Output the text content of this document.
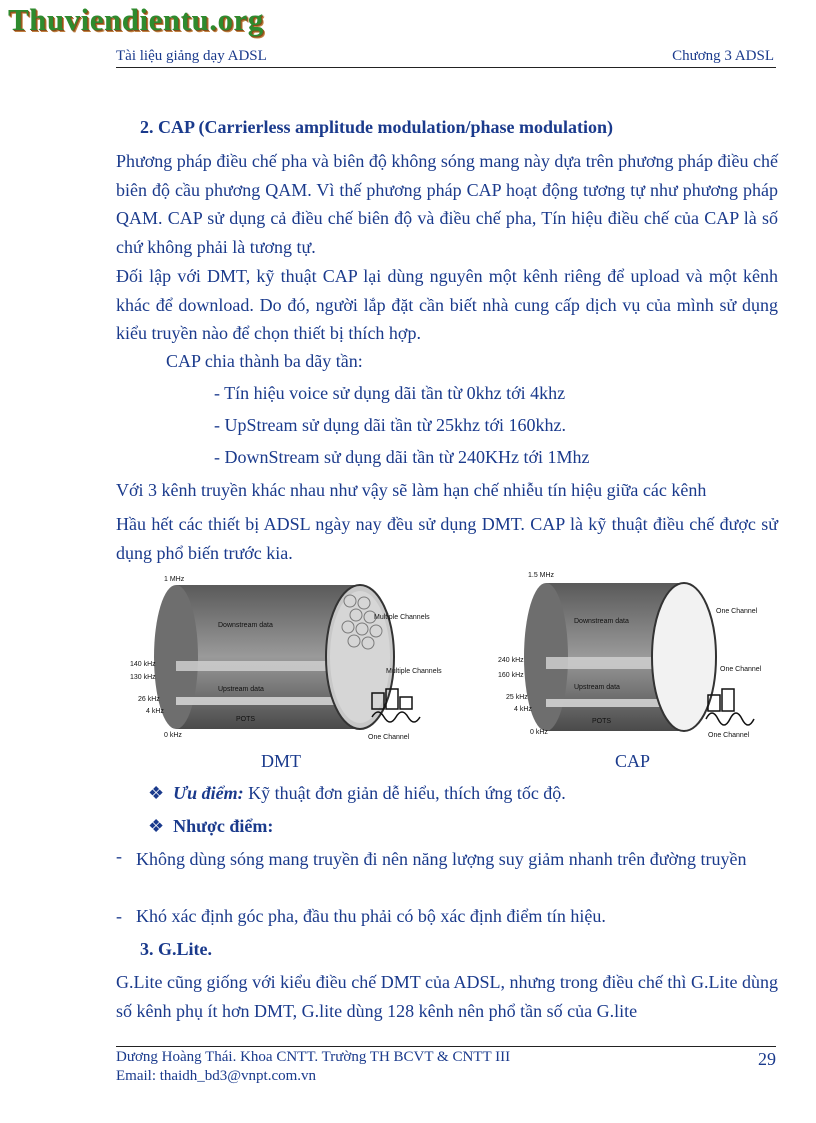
Thuviendientu.org
Tài liệu giảng dạy ADSL	Chương 3 ADSL
2. CAP (Carrierless amplitude modulation/phase modulation)
Phương pháp điều chế pha và biên độ không sóng mang này dựa trên phương pháp điều chế biên độ cầu phương QAM. Vì thế phương pháp CAP hoạt động tương tự như phương pháp QAM. CAP sử dụng cả điều chế biên độ và điều chế pha, Tín hiệu điều chế của CAP là số chứ không phải là tương tự.
Đối lập với DMT, kỹ thuật CAP lại dùng nguyên một kênh riêng để upload và một kênh khác để download. Do đó, người lắp đặt cần biết nhà cung cấp dịch vụ của mình sử dụng kiểu truyền nào để chọn thiết bị thích hợp.
CAP chia thành ba dãy tần:
- Tín hiệu voice sử dụng dãi tần từ 0khz tới 4khz
- UpStream sử dụng dãi tần từ 25khz tới 160khz.
- DownStream sử dụng dãi tần từ 240KHz tới 1Mhz
Với 3 kênh truyền khác nhau như vậy sẽ làm hạn chế nhiễu tín hiệu giữa các kênh
Hầu hết các thiết bị ADSL ngày nay đều sử dụng DMT. CAP là kỹ thuật điều chế được sử dụng phổ biến trước kia.
1 MHz
140 kHz
130 kHz
26 kHz
4 kHz
0 kHz
Downstream data
Upstream data
POTS
Multiple Channels
Multiple Channels
One Channel
1.5 MHz
240 kHz
160 kHz
25 kHz
4 kHz
0 kHz
Downstream data
Upstream data
POTS
One Channel
One Channel
One Channel
DMT	CAP
❖ Ưu điểm: Kỹ thuật đơn giản dễ hiểu, thích ứng tốc độ.
❖ Nhược điểm:
- Không dùng sóng mang truyền đi nên năng lượng suy giảm nhanh trên đường truyền
- Khó xác định góc pha, đầu thu phải có bộ xác định điểm tín hiệu.
3. G.Lite.
G.Lite cũng giống với kiểu điều chế DMT của ADSL, nhưng trong điều chế thì G.Lite dùng số kênh phụ ít hơn DMT, G.lite dùng 128 kênh nên phổ tần số của G.lite
Dương Hoàng Thái. Khoa CNTT. Trường TH BCVT & CNTT III
Email: thaidh_bd3@vnpt.com.vn
29
